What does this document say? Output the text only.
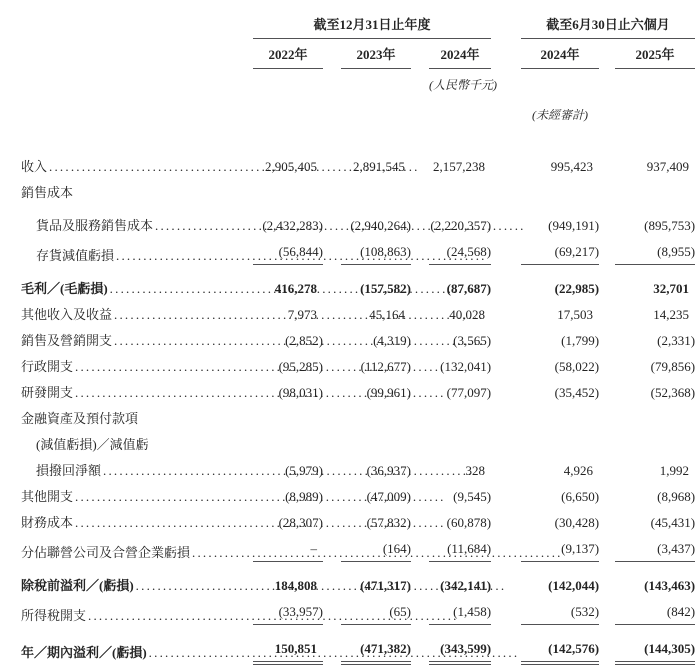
	截至12月31日止年度			截至6月30日止六個月	

	2022年	2023年	2024年	2024年	2025年

			(人民幣千元)		

				(未經審計)	

收入
.....	2,905,405	2,891,545	2,157,238	995,423	937,409

銷售成本					

貨品及服務銷售成本
.....	(2,432,283)	(2,940,264)	(2,220,357)	(949,191)	(895,753)

存貨減值虧損
.....	(56,844)	(108,863)	(24,568)	(69,217)	(8,955)

毛利／(毛虧損)
.....	416,278	(157,582)	(87,687)	(22,985)	32,701

其他收入及收益
.....	7,973	45,164	40,028	17,503	14,235

銷售及營銷開支
.....	(2,852)	(4,319)	(3,565)	(1,799)	(2,331)

行政開支
.....	(95,285)	(112,677)	(132,041)	(58,022)	(79,856)

研發開支
.....	(98,031)	(99,961)	(77,097)	(35,452)	(52,368)

金融資產及預付款項					

(減值虧損)／減值虧					

損撥回淨額
.....	(5,979)	(36,937)	328	4,926	1,992

其他開支
.....	(8,989)	(47,009)	(9,545)	(6,650)	(8,968)

財務成本
.....	(28,307)	(57,832)	(60,878)	(30,428)	(45,431)

分佔聯營公司及合營企業虧損
.....	–	(164)	(11,684)	(9,137)	(3,437)

除稅前溢利／(虧損)
.....	184,808	(471,317)	(342,141)	(142,044)	(143,463)

所得稅開支
.....	(33,957)	(65)	(1,458)	(532)	(842)

年／期內溢利／(虧損)
.....	150,851	(471,382)	(343,599)	(142,576)	(144,305)
